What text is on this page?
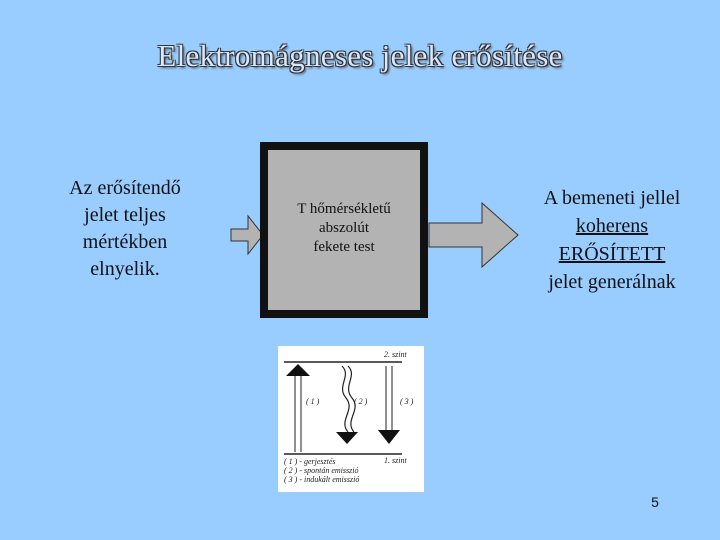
Elektromágneses jelek erősítése
Az erősítendő
jelet teljes
mértékben
elnyelik.
T hőmérsékletű
abszolút
fekete test
A bemeneti jellel
koherens
ERŐSÍTETT
jelet generálnak
2. szint
1. szint
( 1 )	( 2 )	( 3 )
( 1 ) - gerjesztés
( 2 ) - spontán emisszió
( 3 ) - indukált emisszió
5
